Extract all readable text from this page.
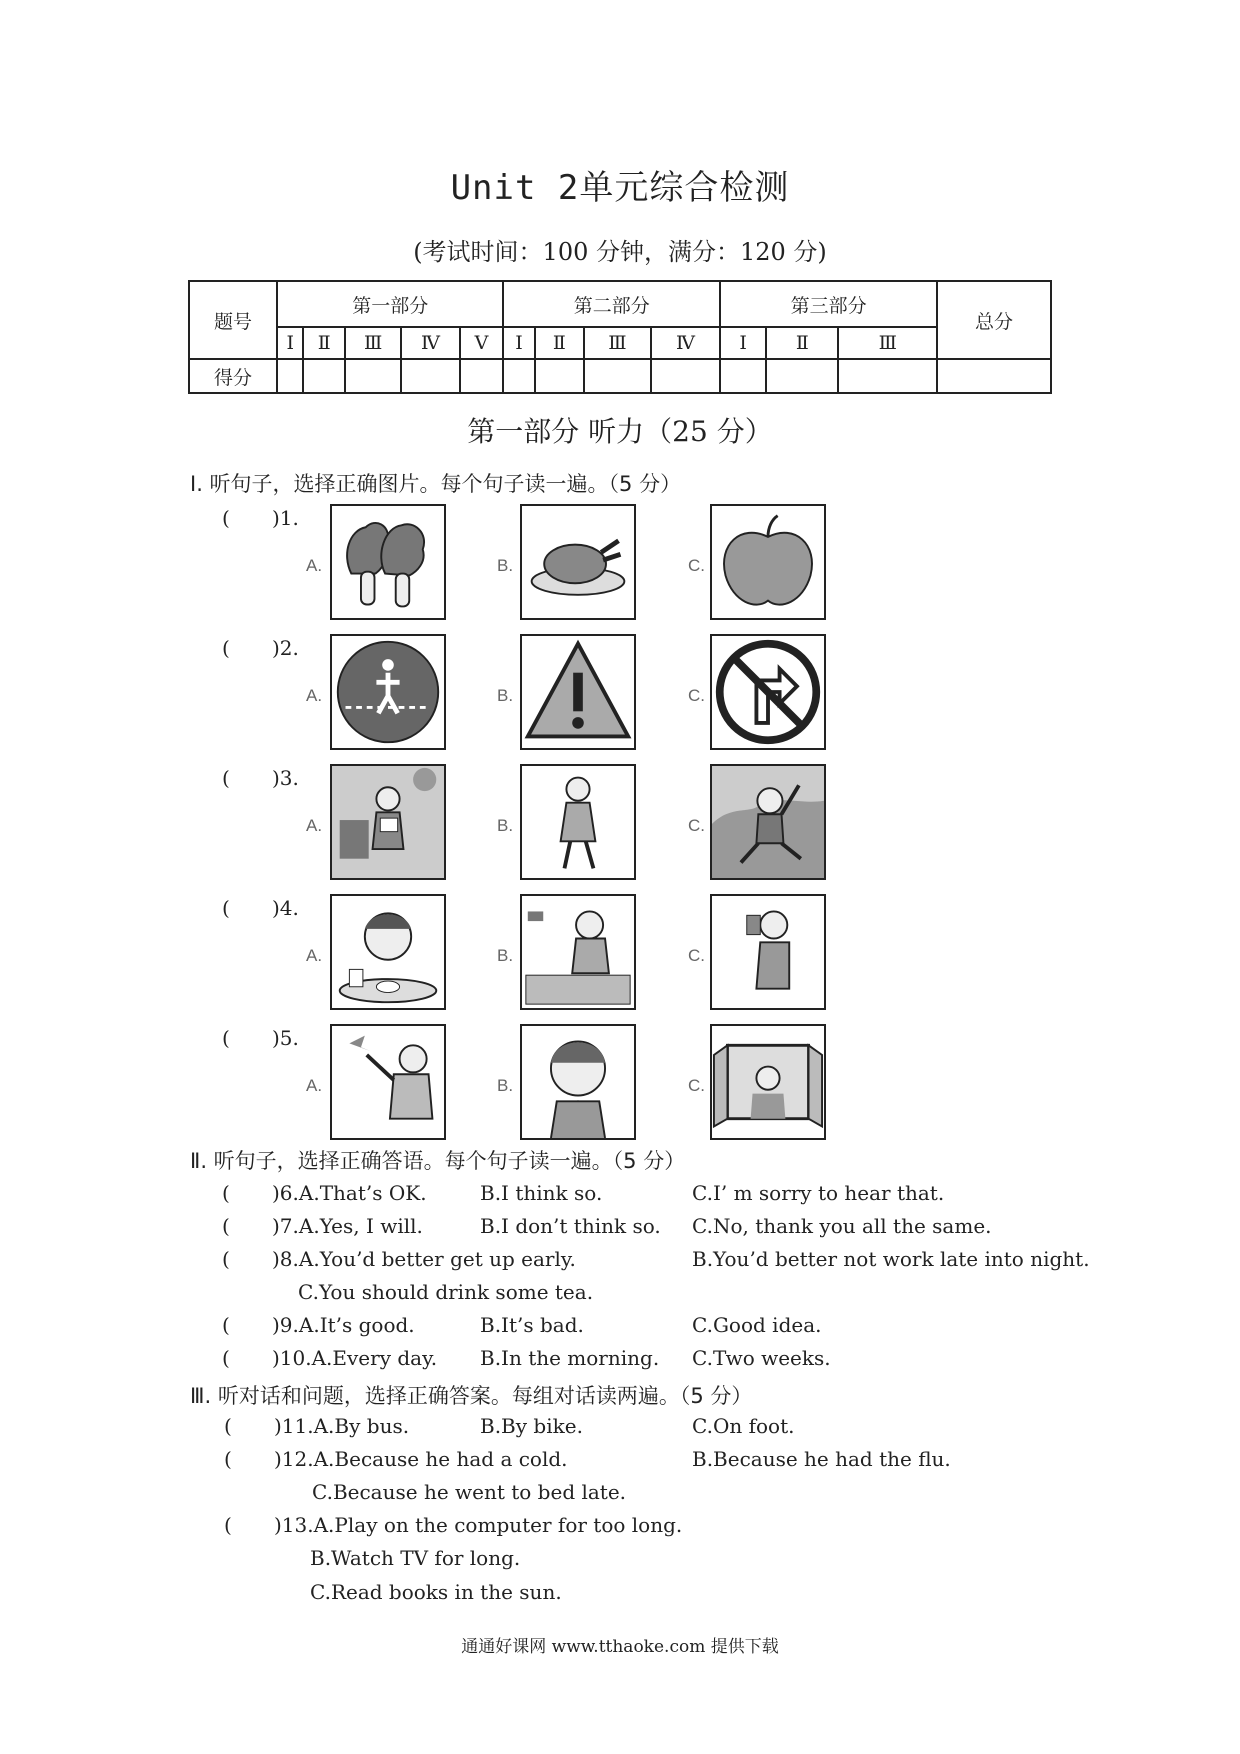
Unit 2单元综合检测
(考试时间：100 分钟，满分：120 分)
题号	第一部分					第二部分				第三部分			总分
	Ⅰ	Ⅱ	Ⅲ	Ⅳ	Ⅴ	Ⅰ	Ⅱ	Ⅲ	Ⅳ	Ⅰ	Ⅱ	Ⅲ	
得分													
第一部分 听力（25 分）
Ⅰ. 听句子，选择正确图片。每个句子读一遍。（5 分）
( )1.
A.	B.	C.
( )2.
A.	B.	C.
( )3.
A.	B.	C.
( )4.
A.	B.	C.
( )5.
A.	B.	C.
Ⅱ. 听句子，选择正确答语。每个句子读一遍。（5 分）
( )6.A.That’s OK.	B.I think so.	C.I’ m sorry to hear that.
( )7.A.Yes, I will.	B.I don’t think so. C.No, thank you all the same.
( )8.A.You’d better get up early.	B.You’d better not work late into night.
C.You should drink some tea.
( )9.A.It’s good.	B.It’s bad.	C.Good idea.
( )10.A.Every day. B.In the morning. C.Two weeks.
Ⅲ. 听对话和问题，选择正确答案。每组对话读两遍。（5 分）
( )11.A.By bus.	B.By bike.	C.On foot.
( )12.A.Because he had a cold.	B.Because he had the flu.
C.Because he went to bed late.
( )13.A.Play on the computer for too long.
B.Watch TV for long.
C.Read books in the sun.
通通好课网 www.tthaoke.com 提供下载
